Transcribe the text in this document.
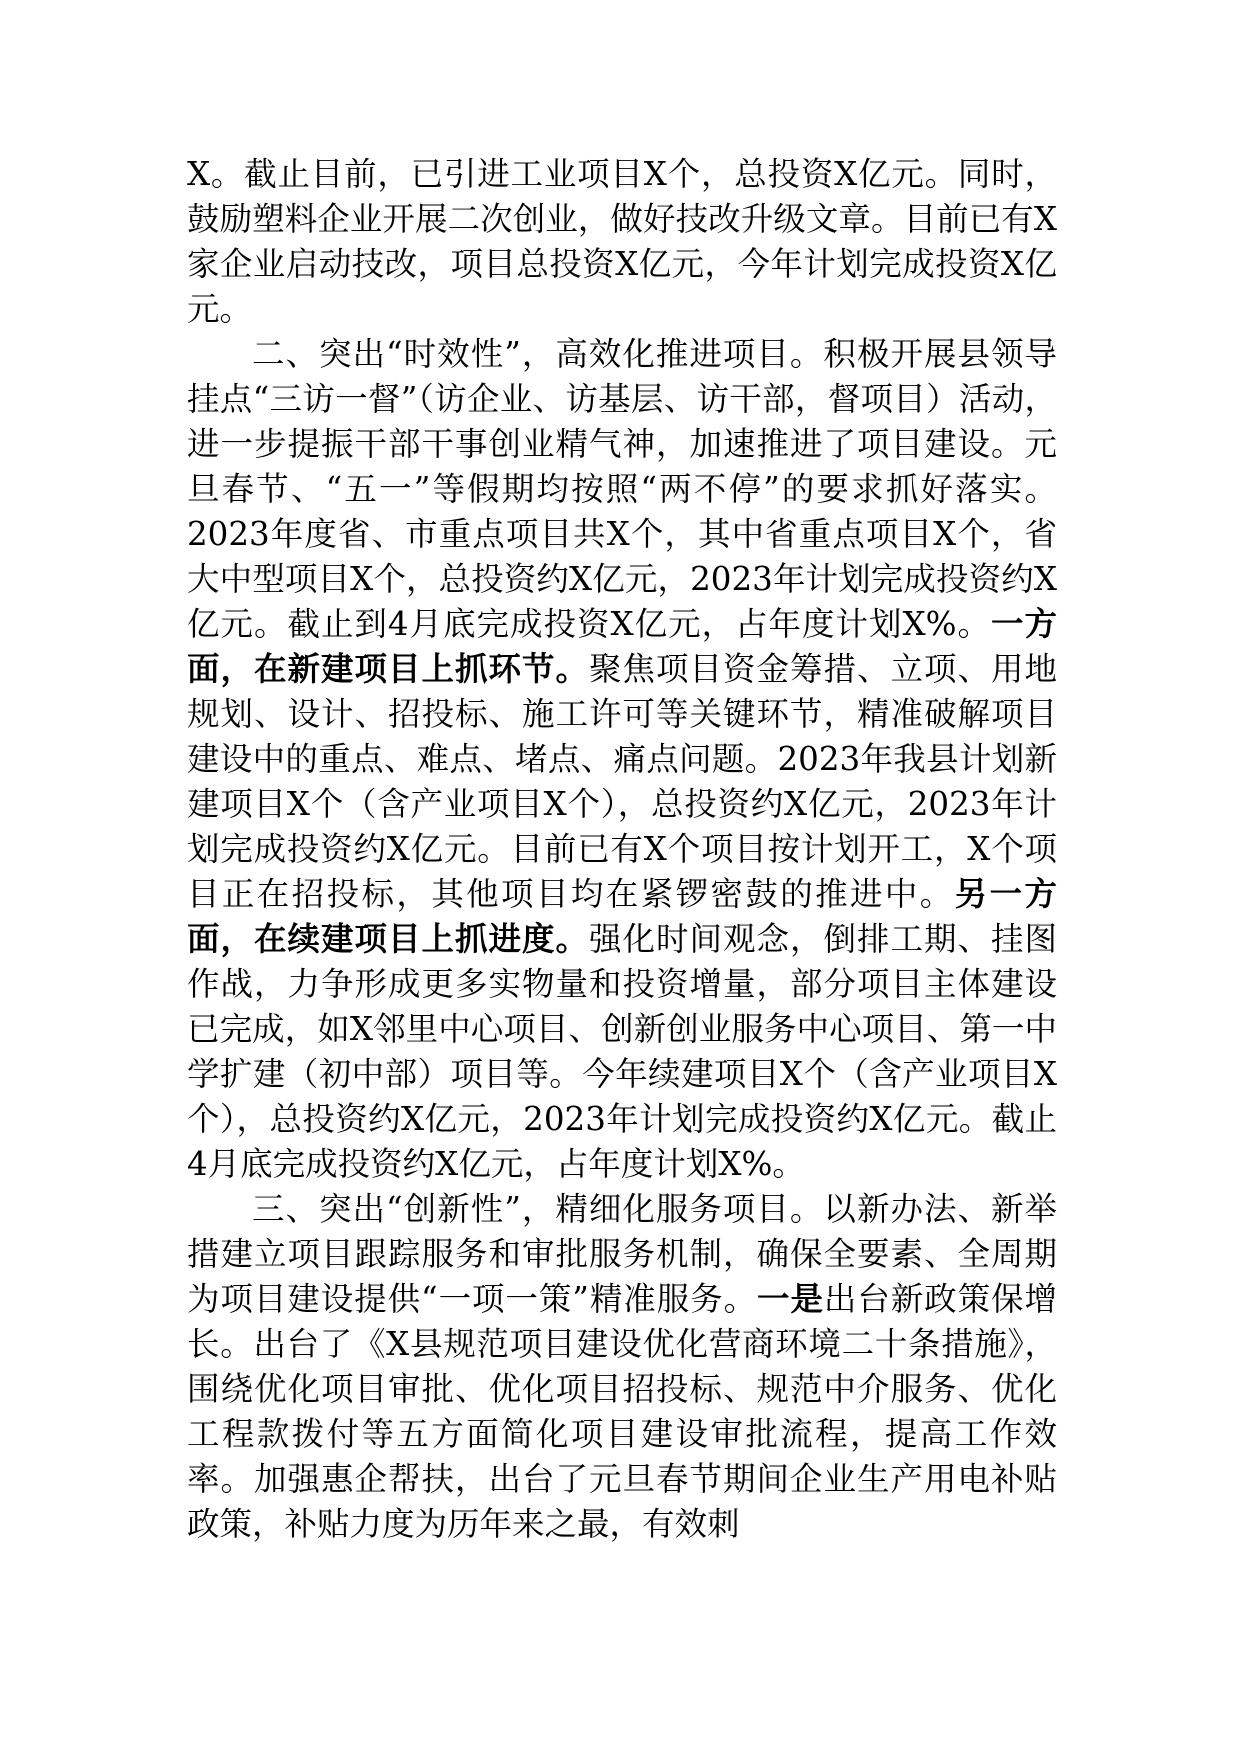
X。截止目前，已引进工业项目X个，总投资X亿元。同时，鼓励塑料企业开展二次创业，做好技改升级文章。目前已有X家企业启动技改，项目总投资X亿元，今年计划完成投资X亿元。

二、突出“时效性”，高效化推进项目。积极开展县领导挂点“三访一督”（访企业、访基层、访干部，督项目）活动，进一步提振干部干事创业精气神，加速推进了项目建设。元旦春节、“五一”等假期均按照“两不停”的要求抓好落实。2023年度省、市重点项目共X个，其中省重点项目X个，省大中型项目X个，总投资约X亿元，2023年计划完成投资约X亿元。截止到4月底完成投资X亿元，占年度计划X%。一方面，在新建项目上抓环节。聚焦项目资金筹措、立项、用地规划、设计、招投标、施工许可等关键环节，精准破解项目建设中的重点、难点、堵点、痛点问题。2023年我县计划新建项目X个（含产业项目X个），总投资约X亿元，2023年计划完成投资约X亿元。目前已有X个项目按计划开工，X个项目正在招投标，其他项目均在紧锣密鼓的推进中。另一方面，在续建项目上抓进度。强化时间观念，倒排工期、挂图作战，力争形成更多实物量和投资增量，部分项目主体建设已完成，如X邻里中心项目、创新创业服务中心项目、第一中学扩建（初中部）项目等。今年续建项目X个（含产业项目X个），总投资约X亿元，2023年计划完成投资约X亿元。截止4月底完成投资约X亿元，占年度计划X%。

三、突出“创新性”，精细化服务项目。以新办法、新举措建立项目跟踪服务和审批服务机制，确保全要素、全周期为项目建设提供“一项一策”精准服务。一是出台新政策保增长。出台了《X县规范项目建设优化营商环境二十条措施》，围绕优化项目审批、优化项目招投标、规范中介服务、优化工程款拨付等五方面简化项目建设审批流程，提高工作效率。加强惠企帮扶，出台了元旦春节期间企业生产用电补贴政策，补贴力度为历年来之最，有效刺
